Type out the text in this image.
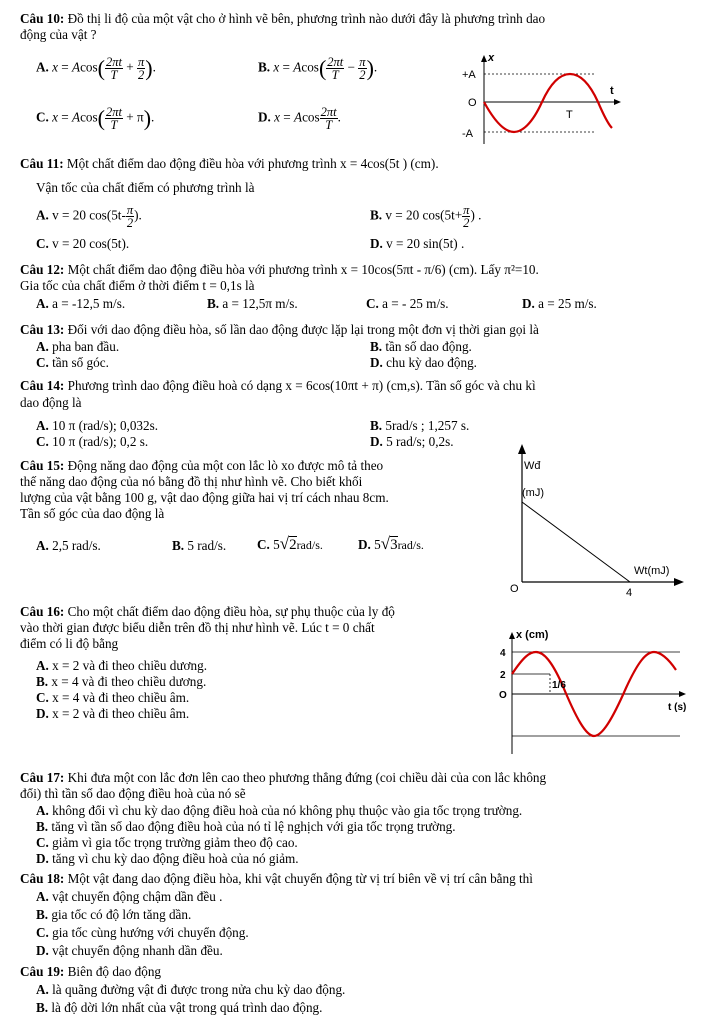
Câu 10: Đồ thị li độ của một vật cho ở hình vẽ bên, phương trình nào dưới đây là phương trình dao
động của vật ?
A. $x = Acos( \frac{2\pi t}{T} + \frac{\pi}{2}$ ).	B. $x = Acos( \frac{2\pi t}{T} - \frac{\pi}{2}$ ).
C. $x = Acos( \frac{2\pi t}{T} + \pi)$.	D. x = Acos $\frac{2\pi t}{T}$ .
x
+A
O
-A
t
T
Câu 11: Một chất điểm dao động điều hòa với phương trình x = 4cos(5t ) (cm).
Vận tốc của chất điểm có phương trình là
A. v = 20 $\cos(5t- \frac{\pi}{2}$ ).	B. v = 20 $\cos(5t+ \frac{\pi}{2}$ ) .
C. v = 20 cos(5t).	D. v = 20 sin(5t) .
Câu 12: Một chất điểm dao động điều hòa với phương trình x = 10cos(5πt - π/6) (cm). Lấy π²=10.
Gia tốc của chất điểm ở thời điểm t = 0,1s là
A. a = -12,5 m/s.	B. a = 12,5π m/s.	C. a = - 25 m/s.	D. a = 25 m/s.
Câu 13: Đối với dao động điều hòa, số lần dao động được lặp lại trong một đơn vị thời gian gọi là
A. pha ban đầu.	B. tần số dao động.
C. tần số góc.	D. chu kỳ dao động.
Câu 14: Phương trình dao động điều hoà có dạng x = 6cos(10πt + π) (cm,s). Tần số góc và chu kì
dao động là
A. 10 π (rad/s); 0,032s.	B. 5rad/s ; 1,257 s.
C. 10 π (rad/s); 0,2 s.	D. 5 rad/s; 0,2s.
Câu 15: Động năng dao động của một con lắc lò xo được mô tả theo
thế năng dao động của nó bằng đồ thị như hình vẽ. Cho biết khối
lượng của vật bằng 100 g, vật dao động giữa hai vị trí cách nhau 8cm.
Tần số góc của dao động là
A. 2,5 rad/s.	B. 5 rad/s. C. 5√2rad/s.	D. 5√3rad/s.
Wđ
(mJ)
Wt(mJ)
O	4
Câu 16: Cho một chất điểm dao động điều hòa, sự phụ thuộc của ly độ
vào thời gian được biểu diễn trên đồ thị như hình vẽ. Lúc t = 0 chất
điểm có li độ bằng
A. x = 2 và đi theo chiều dương.
B. x = 4 và đi theo chiều dương.
C. x = 4 và đi theo chiều âm.
D. x = 2 và đi theo chiều âm.
x (cm)
4
2
O
1/6
t (s)
Câu 17: Khi đưa một con lắc đơn lên cao theo phương thẳng đứng (coi chiều dài của con lắc không
đổi) thì tần số dao động điều hoà của nó sẽ
A. không đổi vì chu kỳ dao động điều hoà của nó không phụ thuộc vào gia tốc trọng trường.
B. tăng vì tần số dao động điều hoà của nó tỉ lệ nghịch với gia tốc trọng trường.
C. giảm vì gia tốc trọng trường giảm theo độ cao.
D. tăng vì chu kỳ dao động điều hoà của nó giảm.
Câu 18: Một vật đang dao động điều hòa, khi vật chuyển động từ vị trí biên về vị trí cân bằng thì
A. vật chuyển động chậm dần đều .
B. gia tốc có độ lớn tăng dần.
C. gia tốc cùng hướng với chuyển động.
D. vật chuyển động nhanh dần đều.
Câu 19: Biên độ dao động
A. là quãng đường vật đi được trong nửa chu kỳ dao động.
B. là độ dời lớn nhất của vật trong quá trình dao động.
